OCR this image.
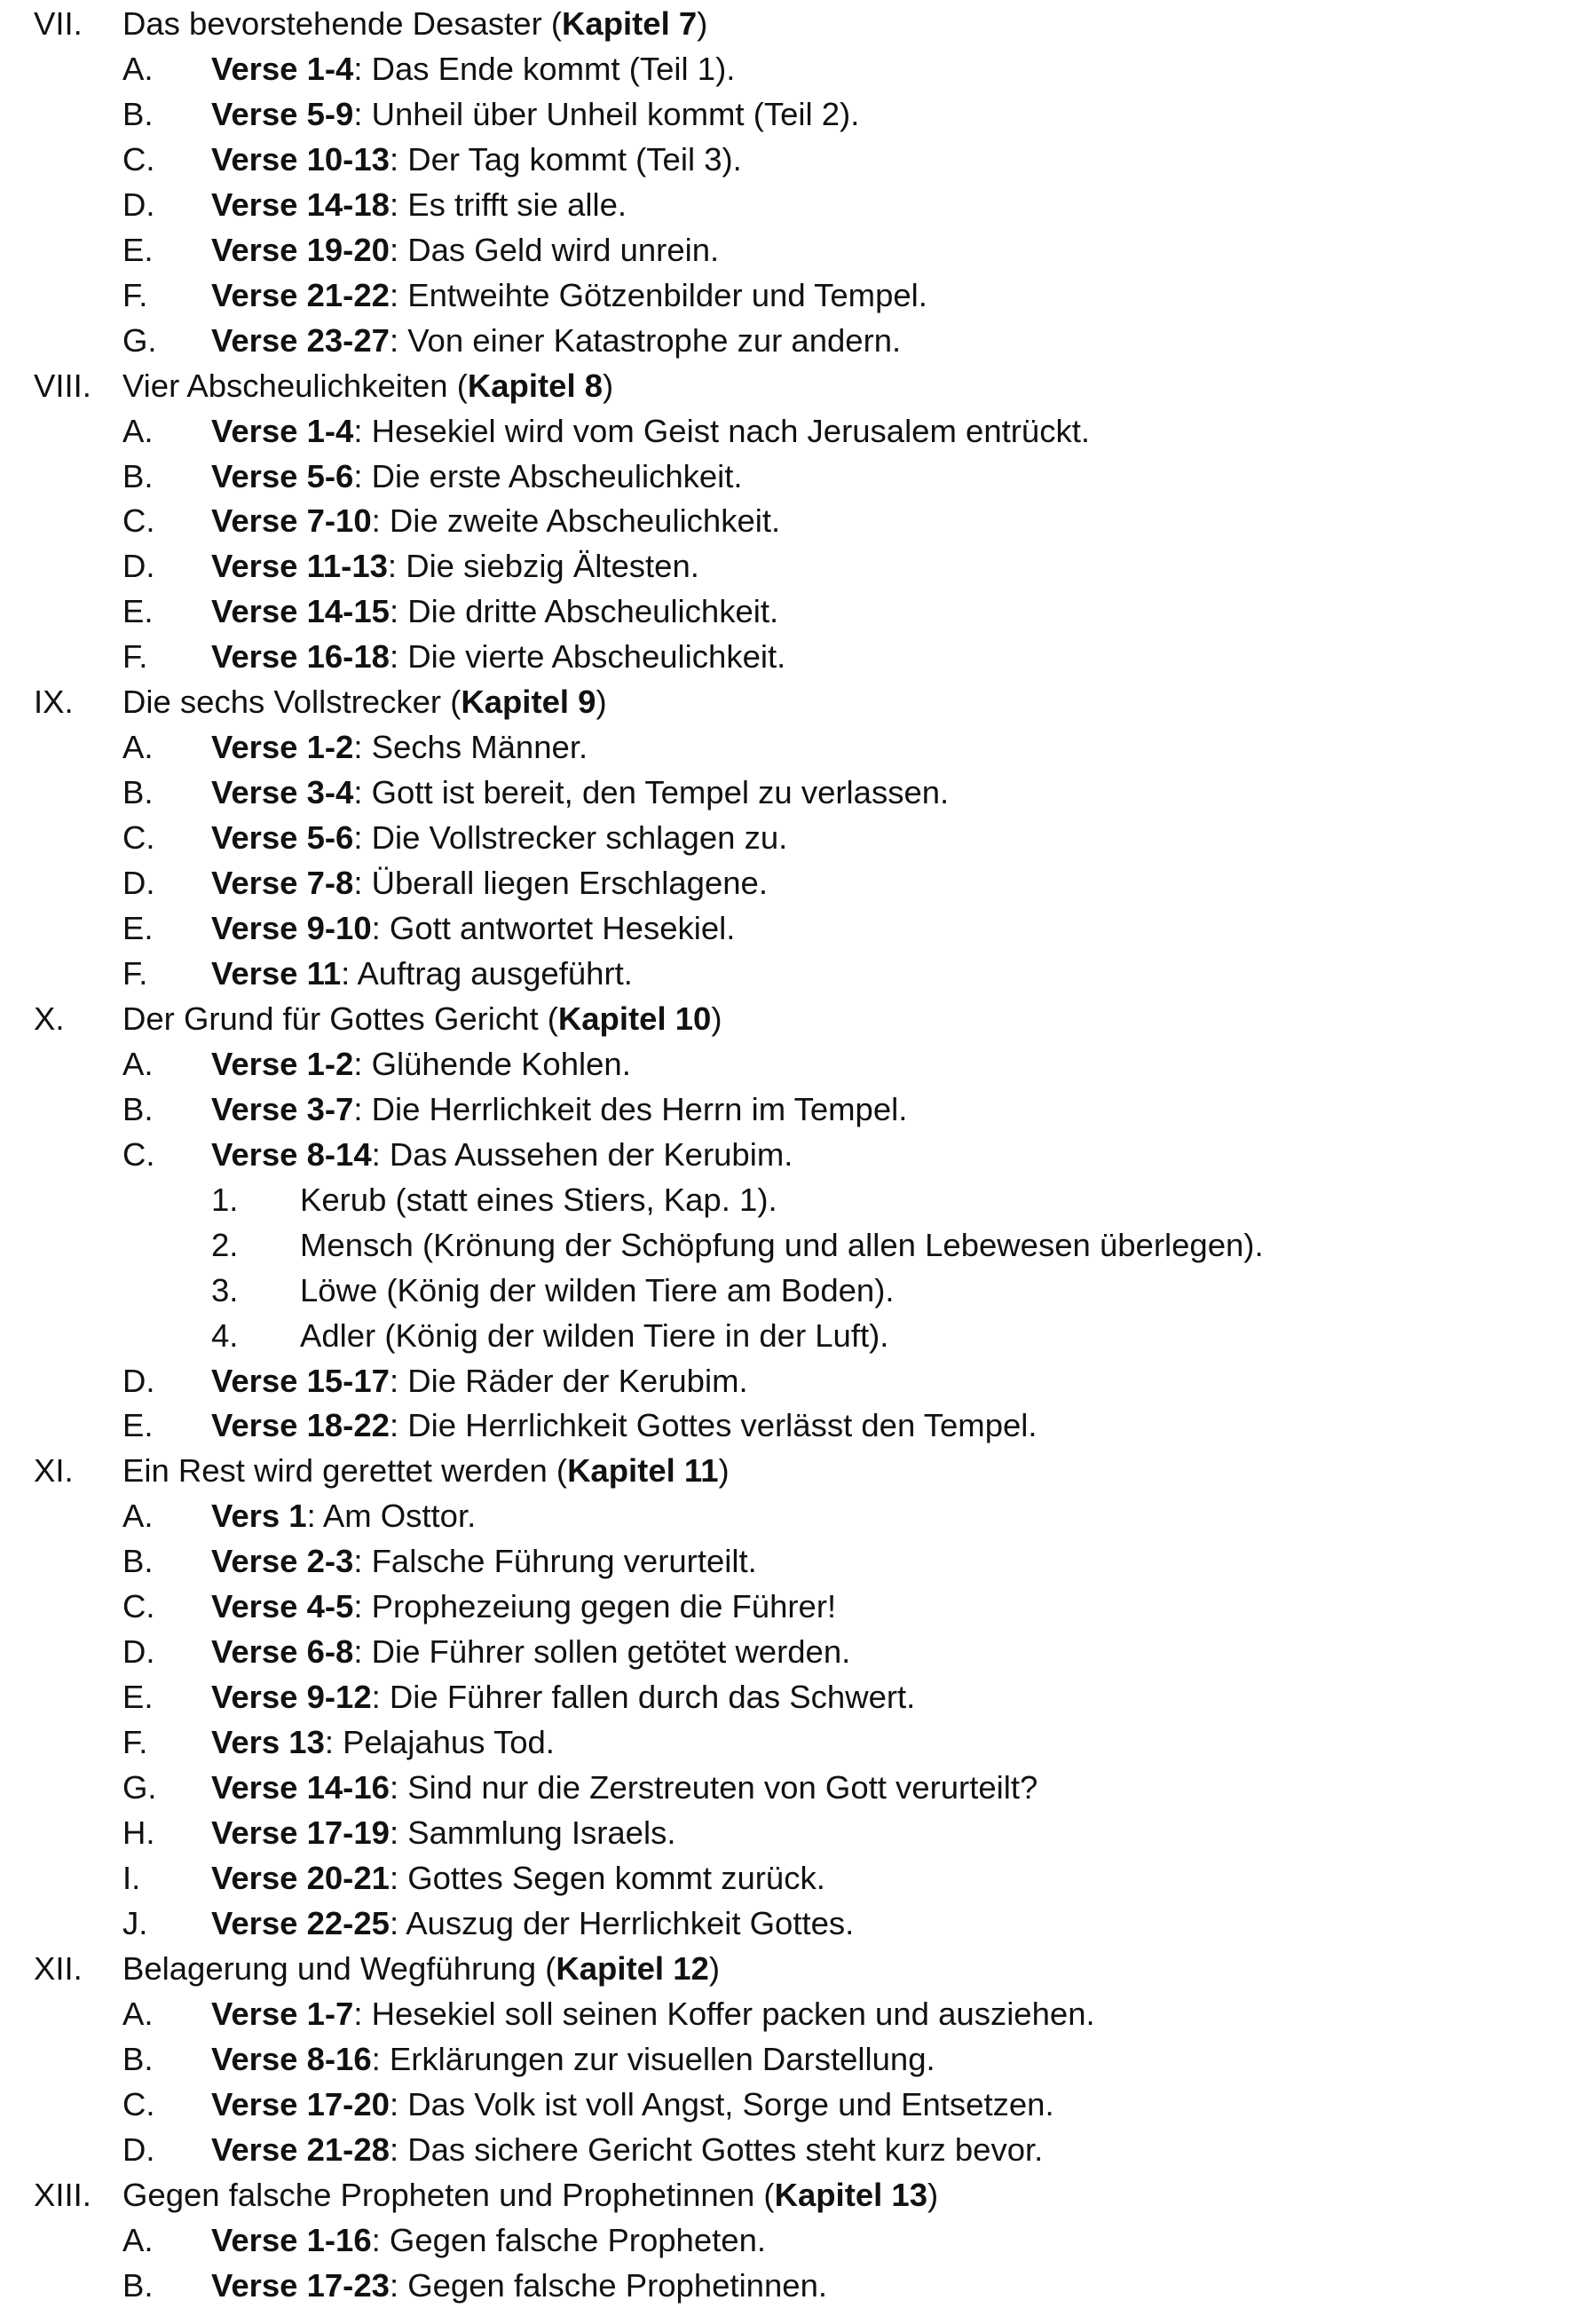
VII. Das bevorstehende Desaster (Kapitel 7)
A. Verse 1-4: Das Ende kommt (Teil 1).
B. Verse 5-9: Unheil über Unheil kommt (Teil 2).
C. Verse 10-13: Der Tag kommt (Teil 3).
D. Verse 14-18: Es trifft sie alle.
E. Verse 19-20: Das Geld wird unrein.
F. Verse 21-22: Entweihte Götzenbilder und Tempel.
G. Verse 23-27: Von einer Katastrophe zur andern.
VIII. Vier Abscheulichkeiten (Kapitel 8)
A. Verse 1-4: Hesekiel wird vom Geist nach Jerusalem entrückt.
B. Verse 5-6: Die erste Abscheulichkeit.
C. Verse 7-10: Die zweite Abscheulichkeit.
D. Verse 11-13: Die siebzig Ältesten.
E. Verse 14-15: Die dritte Abscheulichkeit.
F. Verse 16-18: Die vierte Abscheulichkeit.
IX. Die sechs Vollstrecker (Kapitel 9)
A. Verse 1-2: Sechs Männer.
B. Verse 3-4: Gott ist bereit, den Tempel zu verlassen.
C. Verse 5-6: Die Vollstrecker schlagen zu.
D. Verse 7-8: Überall liegen Erschlagene.
E. Verse 9-10: Gott antwortet Hesekiel.
F. Verse 11: Auftrag ausgeführt.
X. Der Grund für Gottes Gericht (Kapitel 10)
A. Verse 1-2: Glühende Kohlen.
B. Verse 3-7: Die Herrlichkeit des Herrn im Tempel.
C. Verse 8-14: Das Aussehen der Kerubim.
1. Kerub (statt eines Stiers, Kap. 1).
2. Mensch (Krönung der Schöpfung und allen Lebewesen überlegen).
3. Löwe (König der wilden Tiere am Boden).
4. Adler (König der wilden Tiere in der Luft).
D. Verse 15-17: Die Räder der Kerubim.
E. Verse 18-22: Die Herrlichkeit Gottes verlässt den Tempel.
XI. Ein Rest wird gerettet werden (Kapitel 11)
A. Vers 1: Am Osttor.
B. Verse 2-3: Falsche Führung verurteilt.
C. Verse 4-5: Prophezeiung gegen die Führer!
D. Verse 6-8: Die Führer sollen getötet werden.
E. Verse 9-12: Die Führer fallen durch das Schwert.
F. Vers 13: Pelajahus Tod.
G. Verse 14-16: Sind nur die Zerstreuten von Gott verurteilt?
H. Verse 17-19: Sammlung Israels.
I. Verse 20-21: Gottes Segen kommt zurück.
J. Verse 22-25: Auszug der Herrlichkeit Gottes.
XII. Belagerung und Wegführung (Kapitel 12)
A. Verse 1-7: Hesekiel soll seinen Koffer packen und ausziehen.
B. Verse 8-16: Erklärungen zur visuellen Darstellung.
C. Verse 17-20: Das Volk ist voll Angst, Sorge und Entsetzen.
D. Verse 21-28: Das sichere Gericht Gottes steht kurz bevor.
XIII. Gegen falsche Propheten und Prophetinnen (Kapitel 13)
A. Verse 1-16: Gegen falsche Propheten.
B. Verse 17-23: Gegen falsche Prophetinnen.
